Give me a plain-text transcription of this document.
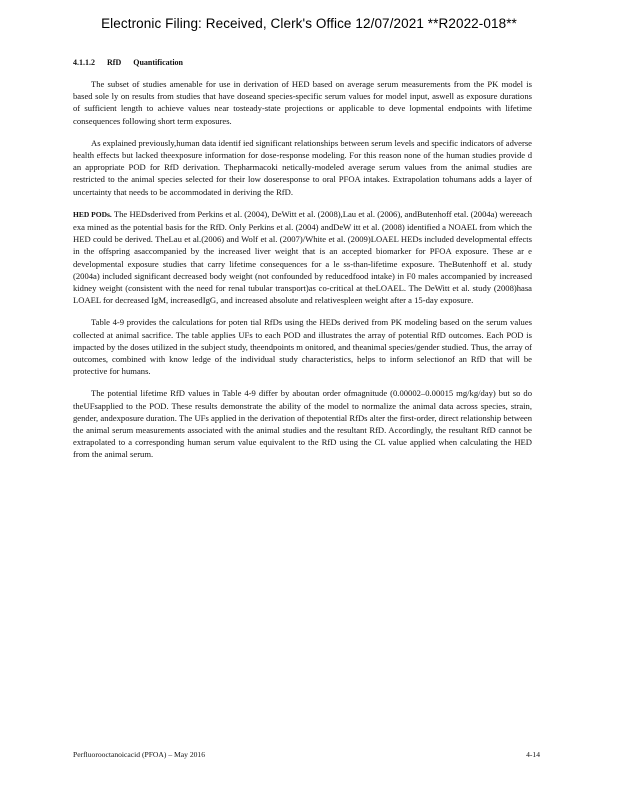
Electronic Filing: Received, Clerk's Office 12/07/2021 **R2022-018**
4.1.1.2 RfD Quantification

The subset of studies amenable for use in derivation of HED based on average serum measurements from the PK model is based sole ly on results from studies that have doseand species-specific serum values for model input, aswell as exposure durations of sufficient length to achieve values near tosteady-state projections or applicable to deve lopmental endpoints with lifetime consequences following short term exposures.

As explained previously,human data identif ied significant relationships between serum levels and specific indicators of adverse health effects but lacked theexposure information for dose-response modeling. For this reason none of the human studies provide d an appropriate POD for RfD derivation. Thepharmacoki netically-modeled average serum values from the animal studies are restricted to the animal species selected for their low doseresponse to oral PFOA intakes. Extrapolation tohumans adds a layer of uncertainty that needs to be accommodated in deriving the RfD.

HED PODs. The HEDsderived from Perkins et al. (2004), DeWitt et al. (2008),Lau et al. (2006), andButenhoff etal. (2004a) wereeach exa mined as the potential basis for the RfD. Only Perkins et al. (2004) andDeW itt et al. (2008) identified a NOAEL from which the HED could be derived. TheLau et al.(2006) and Wolf et al. (2007)/White et al. (2009)LOAEL HEDs included developmental effects in the offspring asaccompanied by the increased liver weight that is an accepted biomarker for PFOA exposure. These ar e developmental exposure studies that carry lifetime consequences for a le ss-than-lifetime exposure. TheButenhoff et al. study (2004a) included significant decreased body weight (not confounded by reducedfood intake) in F0 males accompanied by increased kidney weight (consistent with the need for renal tubular transport)as co-critical at theLOAEL. The DeWitt et al. study (2008)hasa LOAEL for decreased IgM, increasedIgG, and increased absolute and relativespleen weight after a 15-day exposure.

Table 4-9 provides the calculations for poten tial RfDs using the HEDs derived from PK modeling based on the serum values collected at animal sacrifice. The table applies UFs to each POD and illustrates the array of potential RfD outcomes. Each POD is impacted by the doses utilized in the subject study, theendpoints m onitored, and theanimal species/gender studied. Thus, the array of outcomes, combined with know ledge of the individual study characteristics, helps to inform selectionof an RfD that will be protective for humans.

The potential lifetime RfD values in Table 4-9 differ by aboutan order ofmagnitude (0.00002–0.00015 mg/kg/day) but so do theUFsapplied to the POD. These results demonstrate the ability of the model to normalize the animal data across species, strain, gender, andexposure duration. The UFs applied in the derivation of thepotential RfDs alter the first-order, direct relationship between the animal serum measurements associated with the animal studies and the resultant RfD. Accordingly, the resultant RfD cannot be extrapolated to a corresponding human serum value equivalent to the RfD using the CL value applied when calculating the HED from the animal serum.

Perfluorooctanoicacid (PFOA) – May 2016	4-14
